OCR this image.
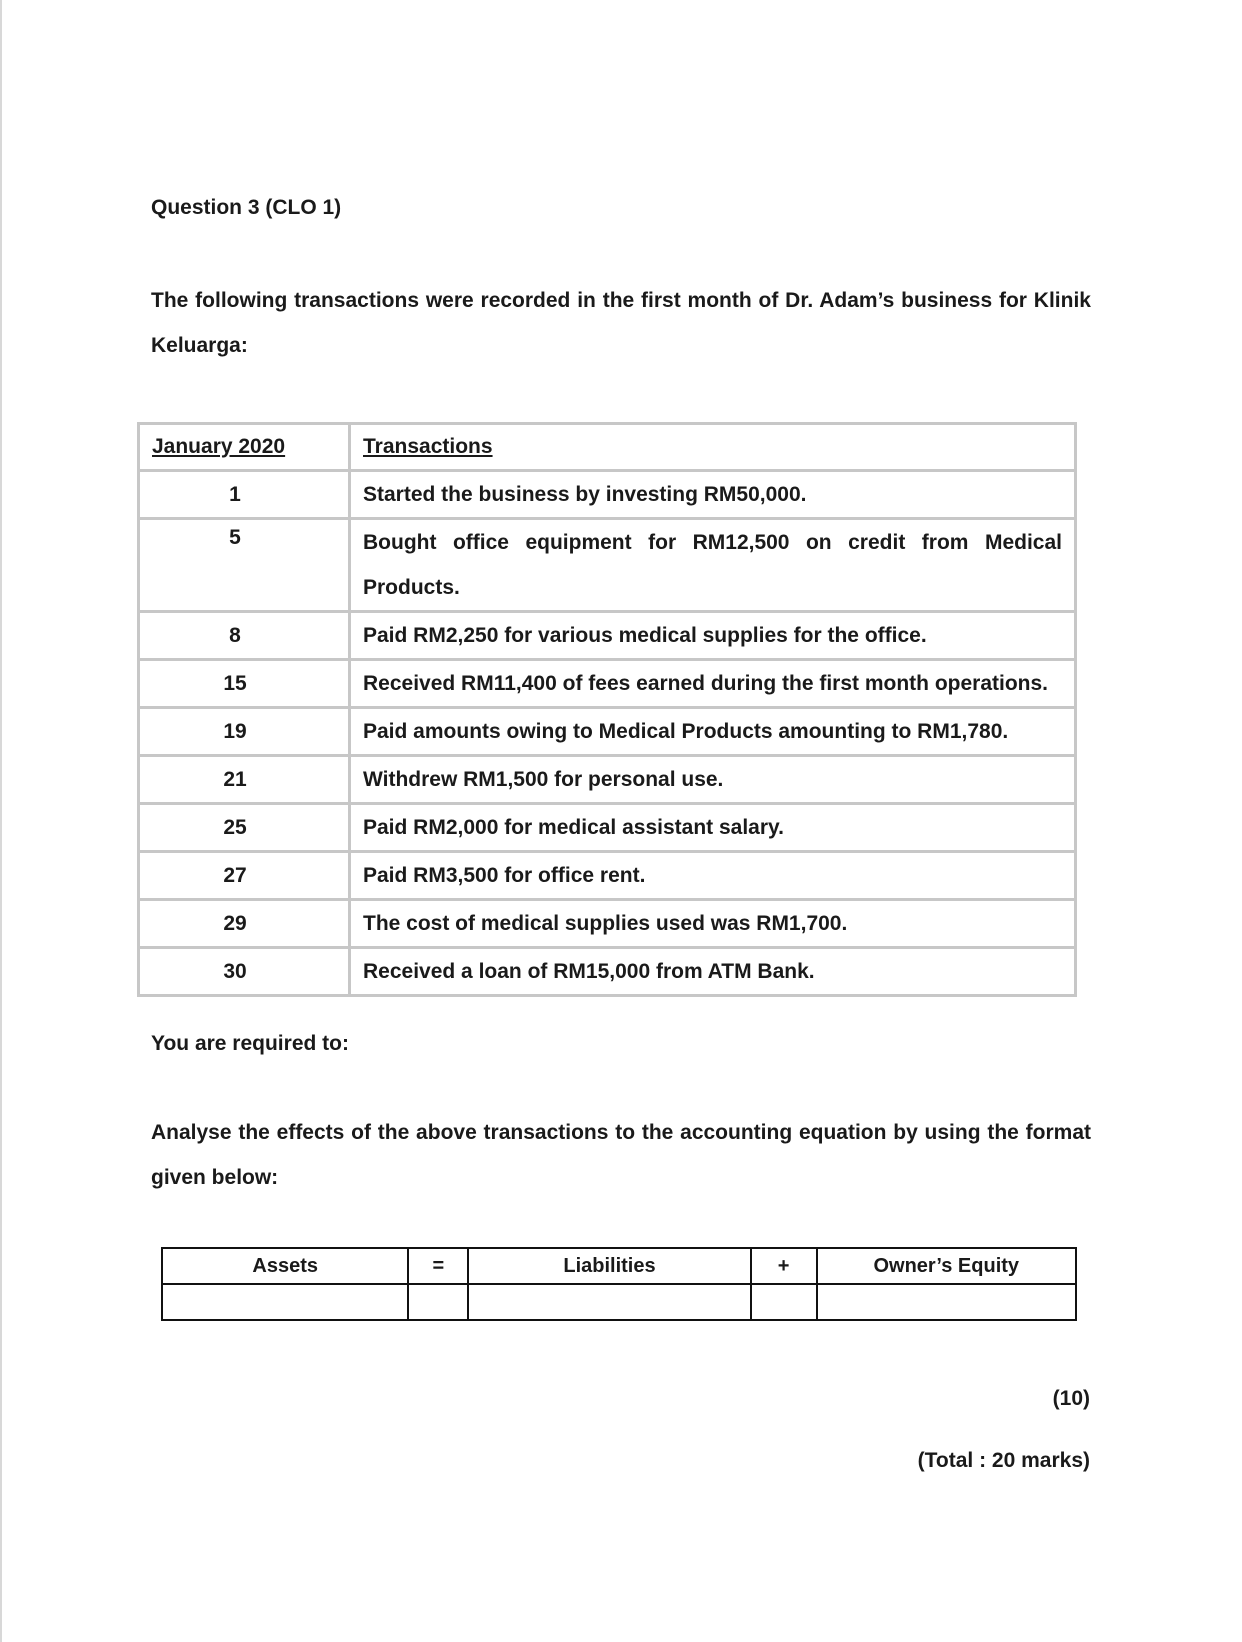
Question 3 (CLO 1)
The following transactions were recorded in the first month of Dr. Adam’s business for Klinik Keluarga:
January 2020	Transactions
1	Started the business by investing RM50,000.
5	Bought office equipment for RM12,500 on credit from Medical Products.
8	Paid RM2,250 for various medical supplies for the office.
15	Received RM11,400 of fees earned during the first month operations.
19	Paid amounts owing to Medical Products amounting to RM1,780.
21	Withdrew RM1,500 for personal use.
25	Paid RM2,000 for medical assistant salary.
27	Paid RM3,500 for office rent.
29	The cost of medical supplies used was RM1,700.
30	Received a loan of RM15,000 from ATM Bank.
You are required to:
Analyse the effects of the above transactions to the accounting equation by using the format given below:
Assets	=	Liabilities	+	Owner’s Equity

(10)
(Total : 20 marks)
